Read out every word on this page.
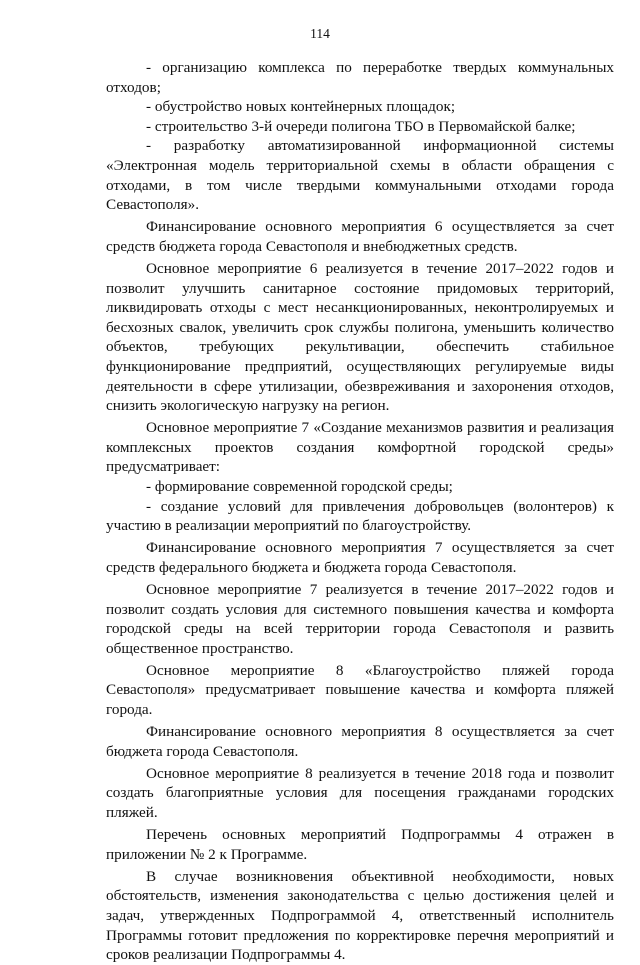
114

- организацию комплекса по переработке твердых коммунальных отходов;

- обустройство новых контейнерных площадок;

- строительство 3-й очереди полигона ТБО в Первомайской балке;

- разработку автоматизированной информационной системы «Электронная модель территориальной схемы в области обращения с отходами, в том числе твердыми коммунальными отходами города Севастополя».

Финансирование основного мероприятия 6 осуществляется за счет средств бюджета города Севастополя и внебюджетных средств.

Основное мероприятие 6 реализуется в течение 2017–2022 годов и позволит улучшить санитарное состояние придомовых территорий, ликвидировать отходы с мест несанкционированных, неконтролируемых и бесхозных свалок, увеличить срок службы полигона, уменьшить количество объектов, требующих рекультивации, обеспечить стабильное функционирование предприятий, осуществляющих регулируемые виды деятельности в сфере утилизации, обезвреживания и захоронения отходов, снизить экологическую нагрузку на регион.

Основное мероприятие 7 «Создание механизмов развития и реализация комплексных проектов создания комфортной городской среды» предусматривает:

- формирование современной городской среды;

- создание условий для привлечения добровольцев (волонтеров) к участию в реализации мероприятий по благоустройству.

Финансирование основного мероприятия 7 осуществляется за счет средств федерального бюджета и бюджета города Севастополя.

Основное мероприятие 7 реализуется в течение 2017–2022 годов и позволит создать условия для системного повышения качества и комфорта городской среды на всей территории города Севастополя и развить общественное пространство.

Основное мероприятие 8 «Благоустройство пляжей города Севастополя» предусматривает повышение качества и комфорта пляжей города.

Финансирование основного мероприятия 8 осуществляется за счет бюджета города Севастополя.

Основное мероприятие 8 реализуется в течение 2018 года и позволит создать благоприятные условия для посещения гражданами городских пляжей.

Перечень основных мероприятий Подпрограммы 4 отражен в приложении № 2 к Программе.

В случае возникновения объективной необходимости, новых обстоятельств, изменения законодательства с целью достижения целей и задач, утвержденных Подпрограммой 4, ответственный исполнитель Программы готовит предложения по корректировке перечня мероприятий и сроков реализации Подпрограммы 4.
